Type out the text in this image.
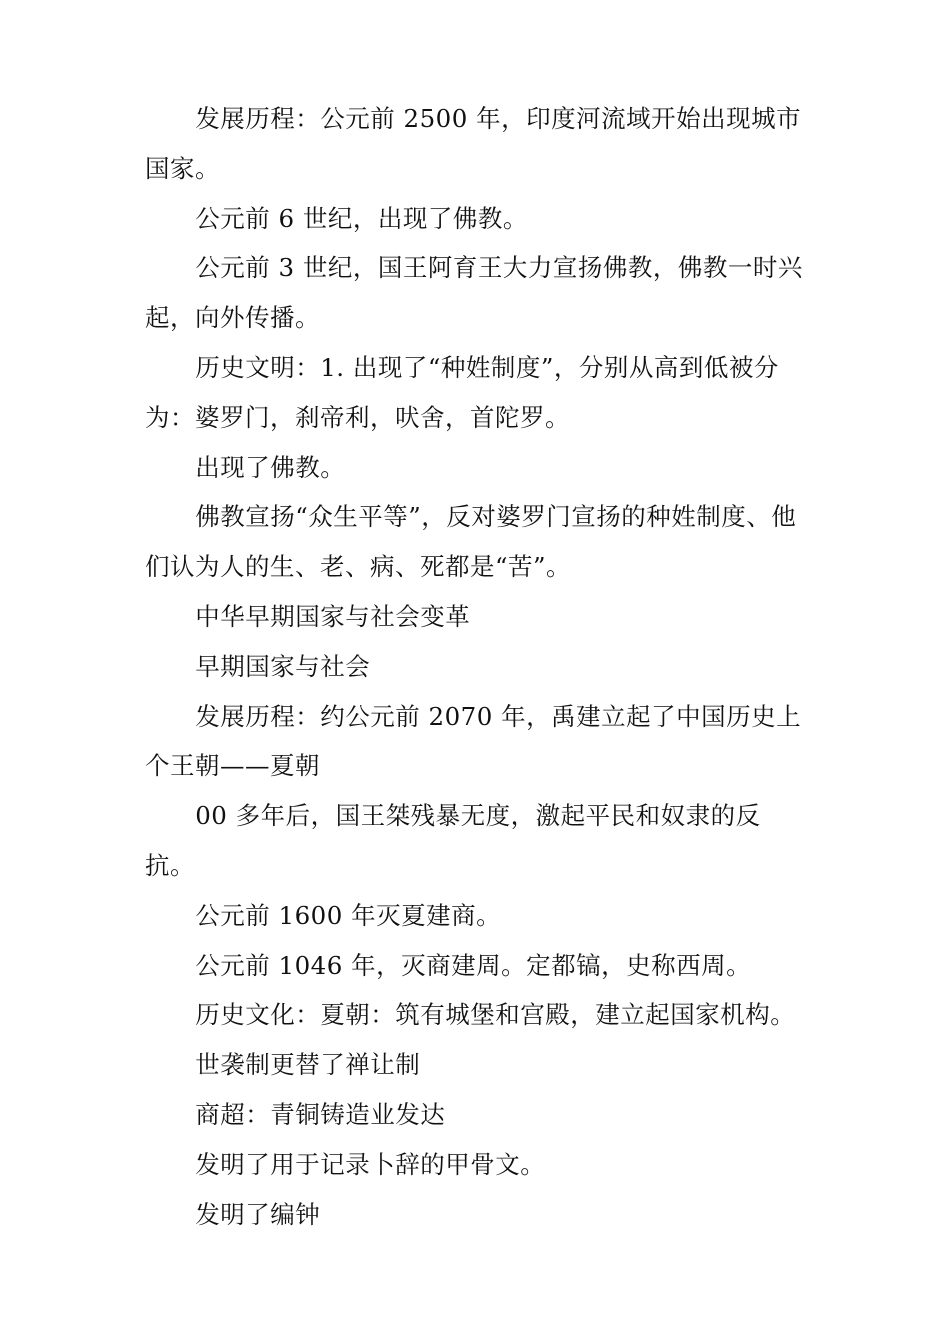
发展历程：公元前 2500 年，印度河流域开始出现城市国家。

公元前 6 世纪，出现了佛教。

公元前 3 世纪，国王阿育王大力宣扬佛教，佛教一时兴起，向外传播。

历史文明：1. 出现了“种姓制度”，分别从高到低被分为：婆罗门，刹帝利，吠舍，首陀罗。

出现了佛教。

佛教宣扬“众生平等”，反对婆罗门宣扬的种姓制度、他们认为人的生、老、病、死都是“苦”。

中华早期国家与社会变革

早期国家与社会

发展历程：约公元前 2070 年，禹建立起了中国历史上个王朝——夏朝

00 多年后，国王桀残暴无度，激起平民和奴隶的反抗。

公元前 1600 年灭夏建商。

公元前 1046 年，灭商建周。定都镐，史称西周。

历史文化：夏朝：筑有城堡和宫殿，建立起国家机构。

世袭制更替了禅让制

商超：青铜铸造业发达

发明了用于记录卜辞的甲骨文。

发明了编钟
